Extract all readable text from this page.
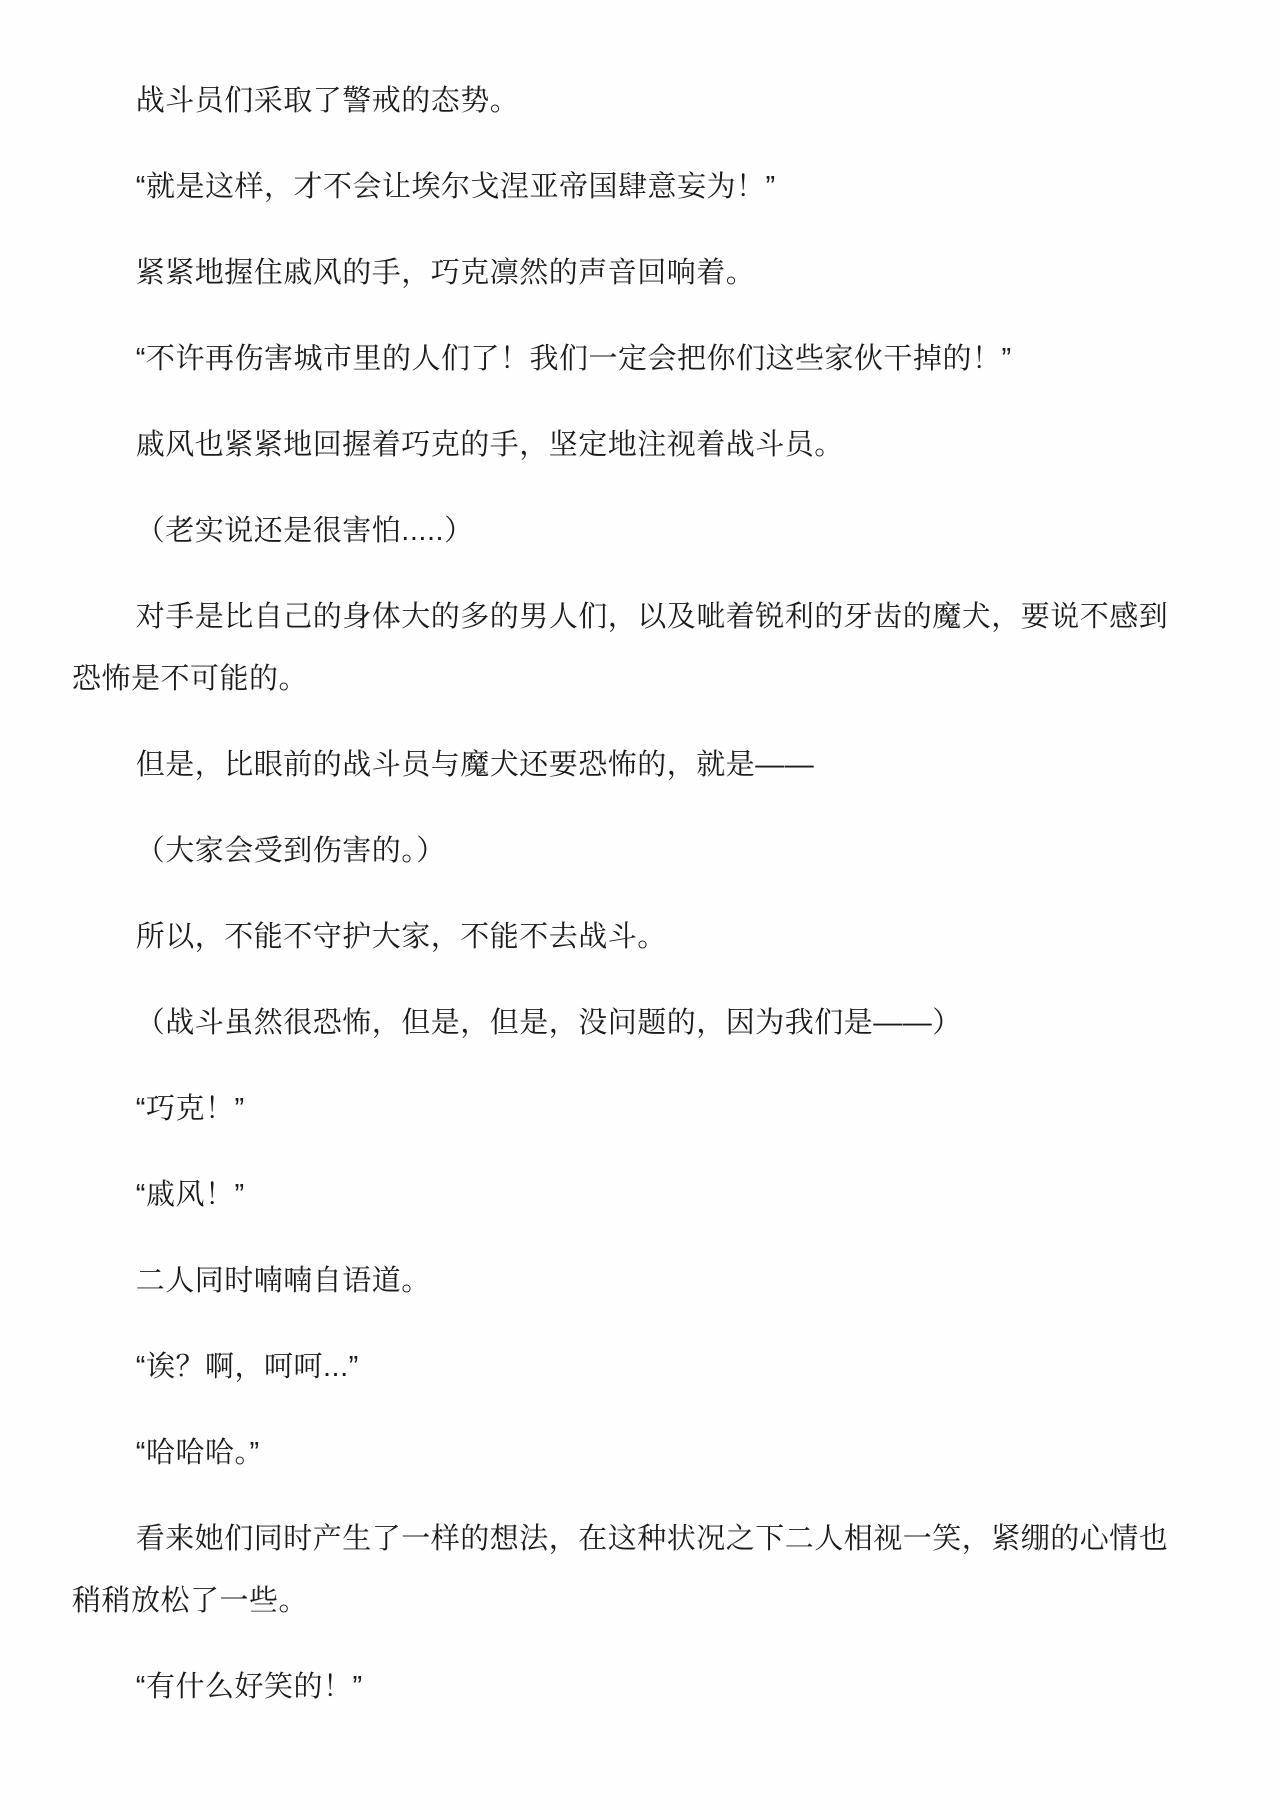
战斗员们采取了警戒的态势。

“就是这样，才不会让埃尔戈涅亚帝国肆意妄为！”

紧紧地握住戚风的手，巧克凛然的声音回响着。

“不许再伤害城市里的人们了！我们一定会把你们这些家伙干掉的！”

戚风也紧紧地回握着巧克的手，坚定地注视着战斗员。

（老实说还是很害怕.....）

对手是比自己的身体大的多的男人们，以及呲着锐利的牙齿的魔犬，要说不感到恐怖是不可能的。

但是，比眼前的战斗员与魔犬还要恐怖的，就是——

（大家会受到伤害的。）

所以，不能不守护大家，不能不去战斗。

（战斗虽然很恐怖，但是，但是，没问题的，因为我们是——）

“巧克！”

“戚风！”

二人同时喃喃自语道。

“诶？啊，呵呵...”

“哈哈哈。”

看来她们同时产生了一样的想法，在这种状况之下二人相视一笑，紧绷的心情也稍稍放松了一些。

“有什么好笑的！”
